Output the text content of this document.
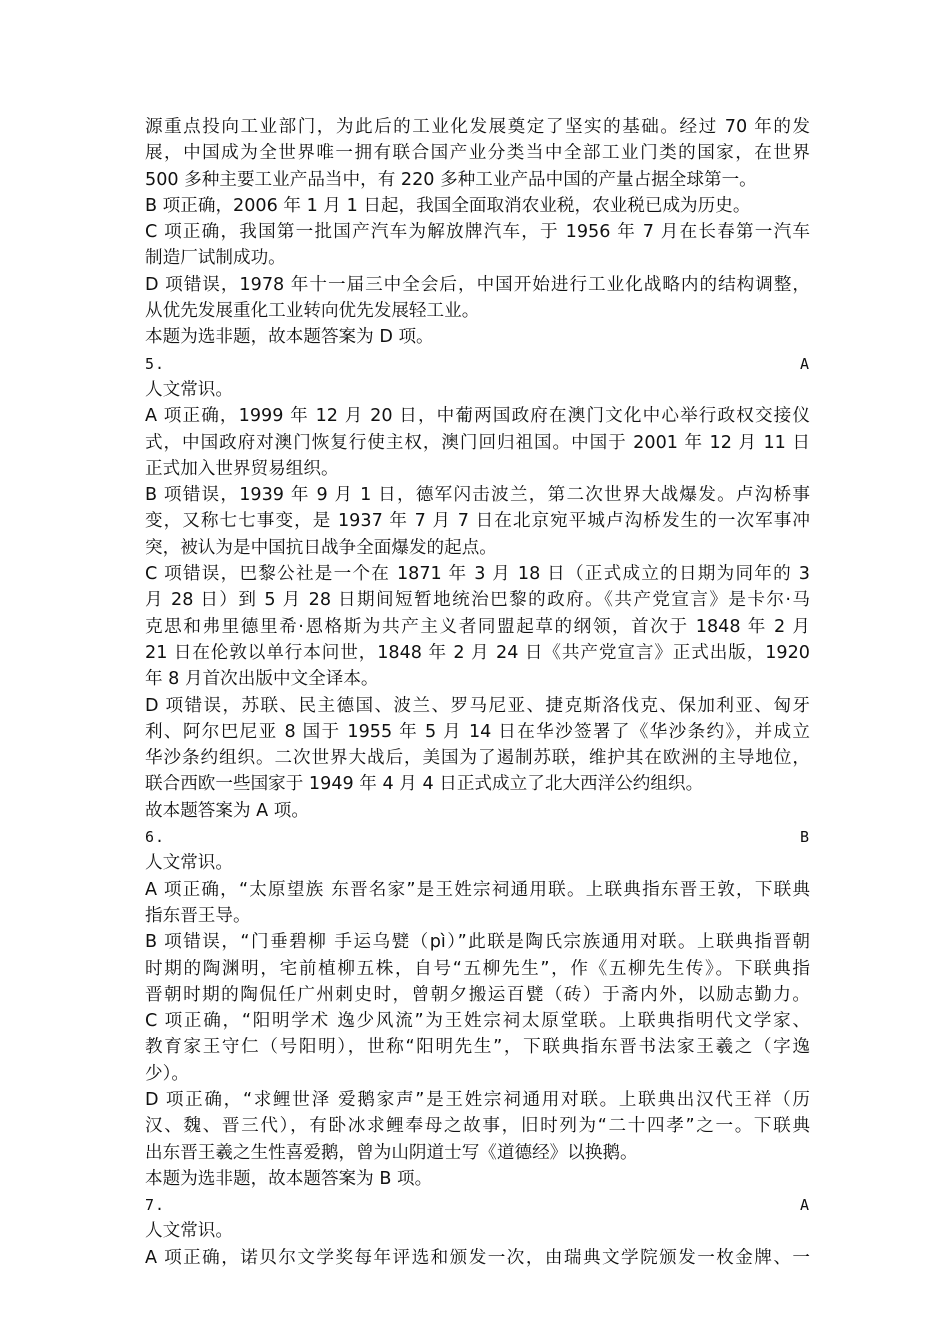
源重点投向工业部门，为此后的工业化发展奠定了坚实的基础。经过 70 年的发
展，中国成为全世界唯一拥有联合国产业分类当中全部工业门类的国家，在世界
500 多种主要工业产品当中，有 220 多种工业产品中国的产量占据全球第一。
B 项正确，2006 年 1 月 1 日起，我国全面取消农业税，农业税已成为历史。
C 项正确，我国第一批国产汽车为解放牌汽车，于 1956 年 7 月在长春第一汽车
制造厂试制成功。
D 项错误，1978 年十一届三中全会后，中国开始进行工业化战略内的结构调整，
从优先发展重化工业转向优先发展轻工业。
本题为选非题，故本题答案为 D 项。
5. A
人文常识。
A 项正确，1999 年 12 月 20 日，中葡两国政府在澳门文化中心举行政权交接仪
式，中国政府对澳门恢复行使主权，澳门回归祖国。中国于 2001 年 12 月 11 日
正式加入世界贸易组织。
B 项错误，1939 年 9 月 1 日，德军闪击波兰，第二次世界大战爆发。卢沟桥事
变，又称七七事变，是 1937 年 7 月 7 日在北京宛平城卢沟桥发生的一次军事冲
突，被认为是中国抗日战争全面爆发的起点。
C 项错误，巴黎公社是一个在 1871 年 3 月 18 日（正式成立的日期为同年的 3
月 28 日）到 5 月 28 日期间短暂地统治巴黎的政府。《共产党宣言》是卡尔·马
克思和弗里德里希·恩格斯为共产主义者同盟起草的纲领，首次于 1848 年 2 月
21 日在伦敦以单行本问世，1848 年 2 月 24 日《共产党宣言》正式出版，1920
年 8 月首次出版中文全译本。
D 项错误，苏联、民主德国、波兰、罗马尼亚、捷克斯洛伐克、保加利亚、匈牙
利、阿尔巴尼亚 8 国于 1955 年 5 月 14 日在华沙签署了《华沙条约》，并成立
华沙条约组织。二次世界大战后，美国为了遏制苏联，维护其在欧洲的主导地位，
联合西欧一些国家于 1949 年 4 月 4 日正式成立了北大西洋公约组织。
故本题答案为 A 项。
6. B
人文常识。
A 项正确，“太原望族 东晋名家”是王姓宗祠通用联。上联典指东晋王敦，下联典
指东晋王导。
B 项错误，“门垂碧柳 手运乌甓（pì）”此联是陶氏宗族通用对联。上联典指晋朝
时期的陶渊明，宅前植柳五株，自号“五柳先生”，作《五柳先生传》。下联典指
晋朝时期的陶侃任广州刺史时，曾朝夕搬运百甓（砖）于斋内外，以励志勤力。
C 项正确，“阳明学术 逸少风流”为王姓宗祠太原堂联。上联典指明代文学家、
教育家王守仁（号阳明），世称“阳明先生”，下联典指东晋书法家王羲之（字逸
少）。
D 项正确，“求鲤世泽 爱鹅家声”是王姓宗祠通用对联。上联典出汉代王祥（历
汉、魏、晋三代），有卧冰求鲤奉母之故事，旧时列为“二十四孝”之一。下联典
出东晋王羲之生性喜爱鹅，曾为山阴道士写《道德经》以换鹅。
本题为选非题，故本题答案为 B 项。
7. A
人文常识。
A 项正确，诺贝尔文学奖每年评选和颁发一次，由瑞典文学院颁发一枚金牌、一
